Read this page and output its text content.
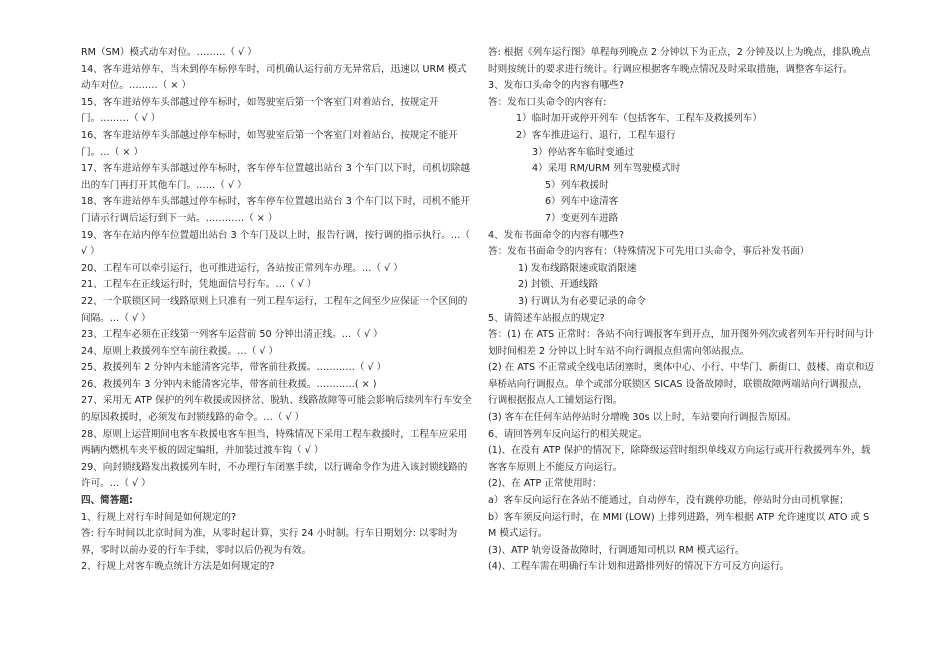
RM（SM）模式动车对位。………（ √ ）

14、客车进站停车，当未到停车标停车时，司机确认运行前方无异常后，迅速以 URM 模式动车对位。………（ × ）

15、客车进站停车头部越过停车标时，如驾驶室后第一个客室门对着站台，按规定开门。………（ √ ）

16、客车进站停车头部越过停车标时，如驾驶室后第一个客室门对着站台，按规定不能开门。…（ × ）

17、客车进站停车头部越过停车标时，客车停车位置越出站台 3 个车门以下时，司机切除越出的车门再打开其他车门。……（ √ ）

18、客车进站停车头部越过停车标时，客车停车位置越出站台 3 个车门以下时，司机不能开门请示行调后运行到下一站。…………（ × ）

19、客车在站内停车位置超出站台 3 个车门及以上时，报告行调，按行调的指示执行。…（ √ ）

20、工程车可以牵引运行，也可推进运行，各站按正常列车办理。…（ √ ）

21、工程车在正线运行时，凭地面信号行车。…（ √ ）

22、一个联锁区同一线路原则上只准有一列工程车运行，工程车之间至少应保证一个区间的间隔。…（ √ ）

23、工程车必须在正线第一列客车运营前 50 分钟出清正线。…（ √ ）

24、原则上救援列车空车前往救援。…（ √ ）

25、救援列车 2 分钟内未能清客完毕，带客前往救援。…………（ √ ）

26、救援列车 3 分钟内未能清客完毕，带客前往救援。…………( × )

27、采用无 ATP 保护的列车救援或因挤岔、脱轨、线路故障等可能会影响后续列车行车安全的原因救援时，必须发布封锁线路的命令。…（ √ ）

28、原则上运营期间电客车救援电客车担当，特殊情况下采用工程车救援时，工程车应采用两辆内燃机车夹平板的固定编组，并加装过渡车钩（ √ ）

29、向封锁线路发出救援列车时，不办理行车闭塞手续，以行调命令作为进入该封锁线路的许可。…（ √ ）

四、简答题:

1、行规上对行车时间是如何规定的?

答: 行车时间以北京时间为准，从零时起计算，实行 24 小时制。行车日期划分: 以零时为界，零时以前办妥的行车手续，零时以后仍视为有效。

2、行规上对客车晚点统计方法是如何规定的?

答: 根据《列车运行图》单程每列晚点 2 分钟以下为正点，2 分钟及以上为晚点，排队晚点时则按统计的要求进行统计。行调应根据客车晚点情况及时采取措施，调整客车运行。

3、发布口头命令的内容有哪些?

答：发布口头命令的内容有:

1）临时加开或停开列车（包括客车、工程车及救援列车）

2）客车推进运行、退行，工程车退行

3）停站客车临时变通过

4）采用 RM/URM 列车驾驶模式时

5）列车救援时

6）列车中途清客

7）变更列车进路

4、发布书面命令的内容有哪些?

答：发布书面命令的内容有：（特殊情况下可先用口头命令，事后补发书面）

1) 发布线路限速或取消限速

2) 封锁、开通线路

3) 行调认为有必要记录的命令

5、请简述车站报点的规定?

答：(1) 在 ATS 正常时：各站不向行调报客车到开点，加开图外列次或者列车开行时间与计划时间相差 2 分钟以上时车站不向行调报点但需向邻站报点。

(2) 在 ATS 不正常或全线电话闭塞时，奥体中心、小行、中华门、新街口、鼓楼、南京和迈皋桥站向行调报点。单个或部分联锁区 SICAS 设备故障时，联锁故障两端站向行调报点，行调根据报点人工铺划运行图。

(3) 客车在任何车站停站时分增晚 30s 以上时，车站要向行调报告原因。

6、请回答列车反向运行的相关规定。

(1)、在没有 ATP 保护的情况下，除降级运营时组织单线双方向运行或开行救援列车外，载客客车原则上不能反方向运行。

(2)、在 ATP 正常使用时：

a）客车反向运行在各站不能通过，自动停车，没有跳停功能，停站时分由司机掌握；

b）客车须反向运行时，在 MMI (LOW) 上排列进路，列车根据 ATP 允许速度以 ATO 或 SM 模式运行。

(3)、ATP 轨旁设备故障时，行调通知司机以 RM 模式运行。

(4)、工程车需在明确行车计划和进路排列好的情况下方可反方向运行。
